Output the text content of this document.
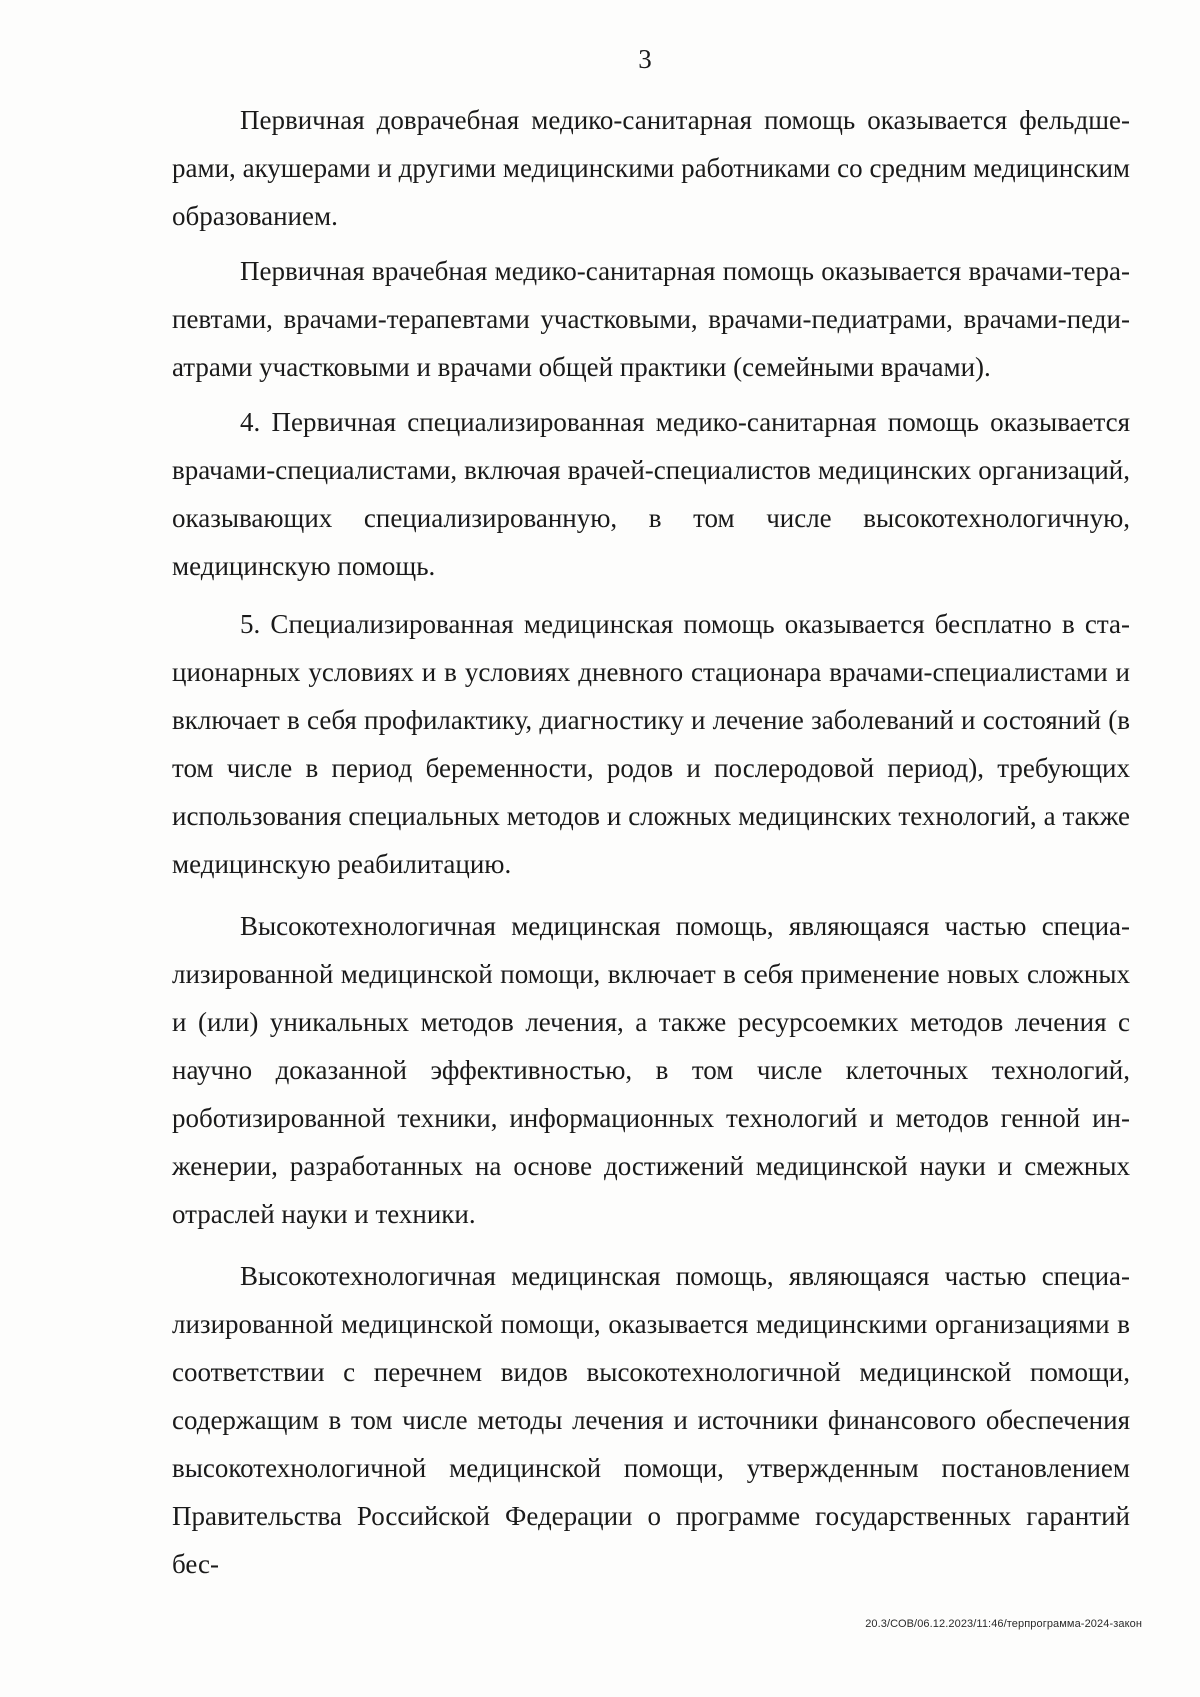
3

Первичная доврачебная медико-санитарная помощь оказывается фельдшерами, акушерами и другими медицинскими работниками со средним медицинским образованием.

Первичная врачебная медико-санитарная помощь оказывается врачами-терапевтами, врачами-терапевтами участковыми, врачами-педиатрами, врачами-педиатрами участковыми и врачами общей практики (семейными врачами).

4. Первичная специализированная медико-санитарная помощь оказывается врачами-специалистами, включая врачей-специалистов медицинских организаций, оказывающих специализированную, в том числе высокотехнологичную, медицинскую помощь.

5. Специализированная медицинская помощь оказывается бесплатно в стационарных условиях и в условиях дневного стационара врачами-специалистами и включает в себя профилактику, диагностику и лечение заболеваний и состояний (в том числе в период беременности, родов и послеродовой период), требующих использования специальных методов и сложных медицинских технологий, а также медицинскую реабилитацию.

Высокотехнологичная медицинская помощь, являющаяся частью специализированной медицинской помощи, включает в себя применение новых сложных и (или) уникальных методов лечения, а также ресурсоемких методов лечения с научно доказанной эффективностью, в том числе клеточных технологий, роботизированной техники, информационных технологий и методов генной инженерии, разработанных на основе достижений медицинской науки и смежных отраслей науки и техники.

Высокотехнологичная медицинская помощь, являющаяся частью специализированной медицинской помощи, оказывается медицинскими организациями в соответствии с перечнем видов высокотехнологичной медицинской помощи, содержащим в том числе методы лечения и источники финансового обеспечения высокотехнологичной медицинской помощи, утвержденным постановлением Правительства Российской Федерации о программе государственных гарантий бес-

20.3/СОВ/06.12.2023/11:46/терпрограмма-2024-закон
